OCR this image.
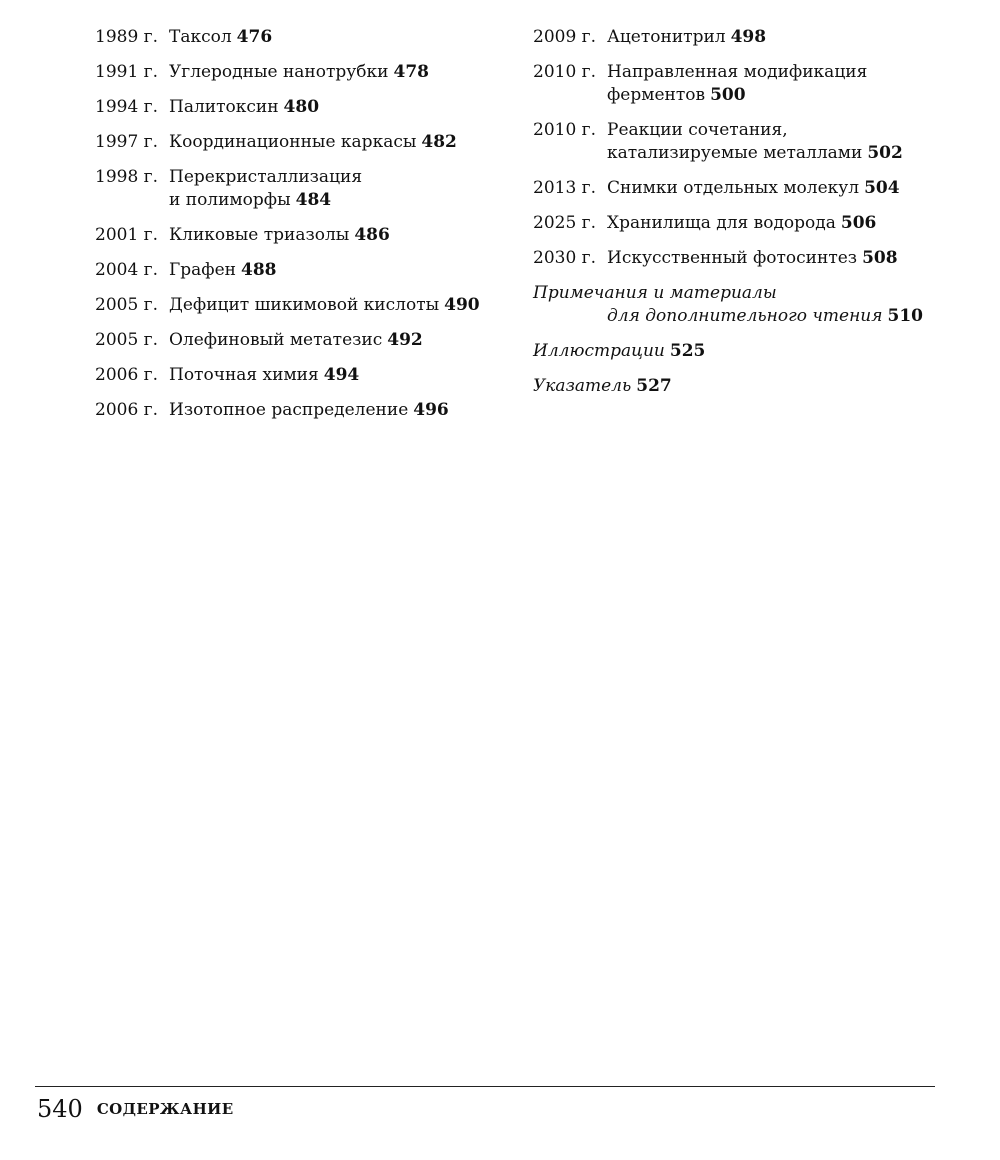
1989 г. Таксол 476
1991 г. Углеродные нанотрубки 478
1994 г. Палитоксин 480
1997 г. Координационные каркасы 482
1998 г. Перекристаллизация
и полиморфы 484
2001 г. Кликовые триазолы 486
2004 г. Графен 488
2005 г. Дефицит шикимовой кислоты 490
2005 г. Олефиновый метатезис 492
2006 г. Поточная химия 494
2006 г. Изотопное распределение 496
2009 г. Ацетонитрил 498
2010 г. Направленная модификация
ферментов 500
2010 г. Реакции сочетания,
катализируемые металлами 502
2013 г. Снимки отдельных молекул 504
2025 г. Хранилища для водорода 506
2030 г. Искусственный фотосинтез 508
Примечания и материалы
для дополнительного чтения 510
Иллюстрации 525
Указатель 527
540 СОДЕРЖАНИЕ
